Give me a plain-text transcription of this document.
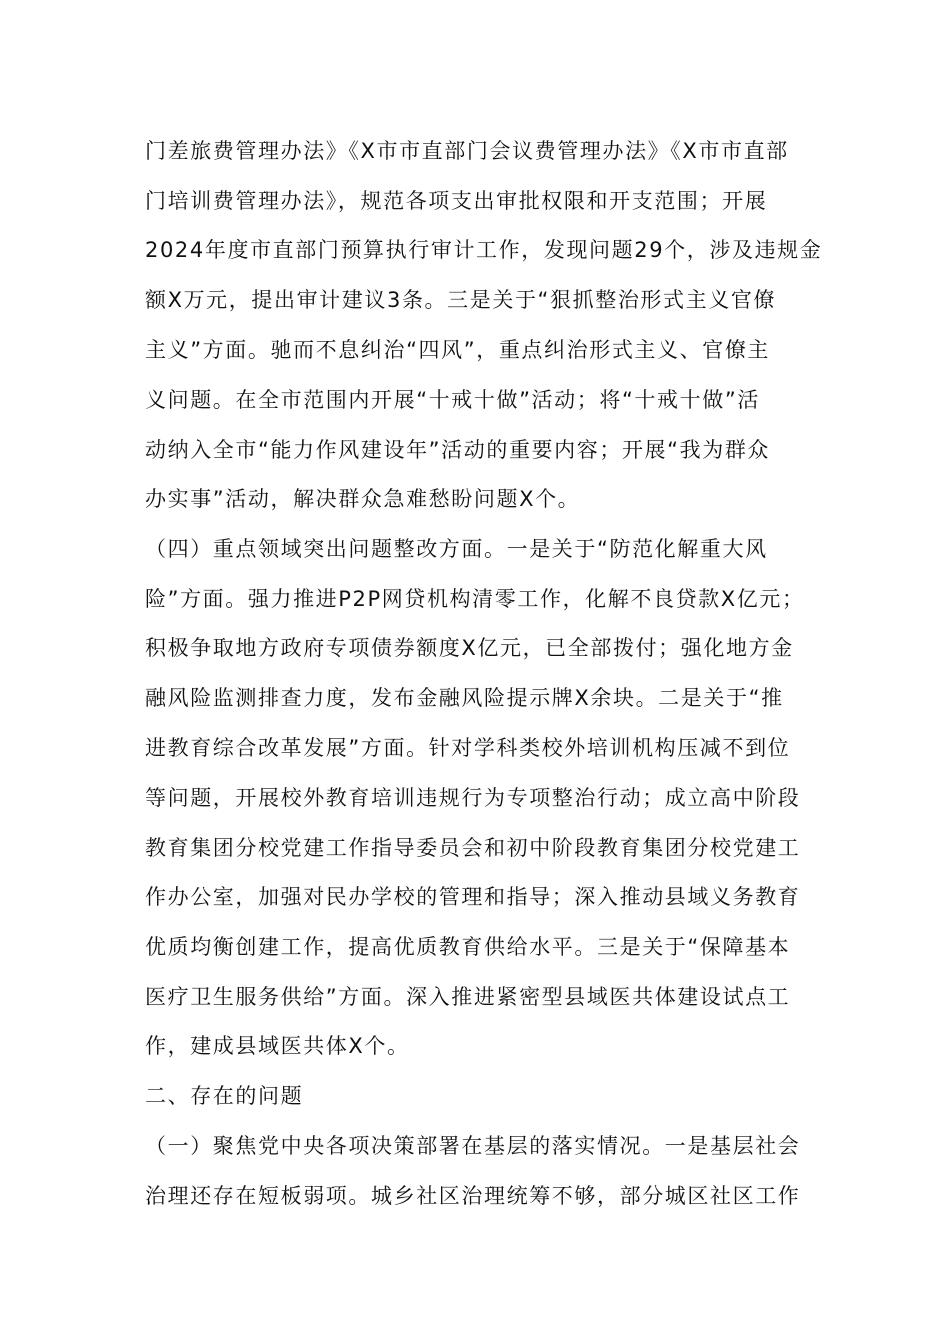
门差旅费管理办法》《X市市直部门会议费管理办法》《X市市直部
门培训费管理办法》，规范各项支出审批权限和开支范围；开展
2024年度市直部门预算执行审计工作，发现问题29个，涉及违规金
额X万元，提出审计建议3条。三是关于“狠抓整治形式主义官僚
主义”方面。驰而不息纠治“四风”，重点纠治形式主义、官僚主
义问题。在全市范围内开展“十戒十做”活动；将“十戒十做”活
动纳入全市“能力作风建设年”活动的重要内容；开展“我为群众
办实事”活动，解决群众急难愁盼问题X个。
（四）重点领域突出问题整改方面。一是关于“防范化解重大风
险”方面。强力推进P2P网贷机构清零工作，化解不良贷款X亿元；
积极争取地方政府专项债券额度X亿元，已全部拨付；强化地方金
融风险监测排查力度，发布金融风险提示牌X余块。二是关于“推
进教育综合改革发展”方面。针对学科类校外培训机构压减不到位
等问题，开展校外教育培训违规行为专项整治行动；成立高中阶段
教育集团分校党建工作指导委员会和初中阶段教育集团分校党建工
作办公室，加强对民办学校的管理和指导；深入推动县域义务教育
优质均衡创建工作，提高优质教育供给水平。三是关于“保障基本
医疗卫生服务供给”方面。深入推进紧密型县域医共体建设试点工
作，建成县域医共体X个。
二、存在的问题
（一）聚焦党中央各项决策部署在基层的落实情况。一是基层社会
治理还存在短板弱项。城乡社区治理统筹不够，部分城区社区工作
